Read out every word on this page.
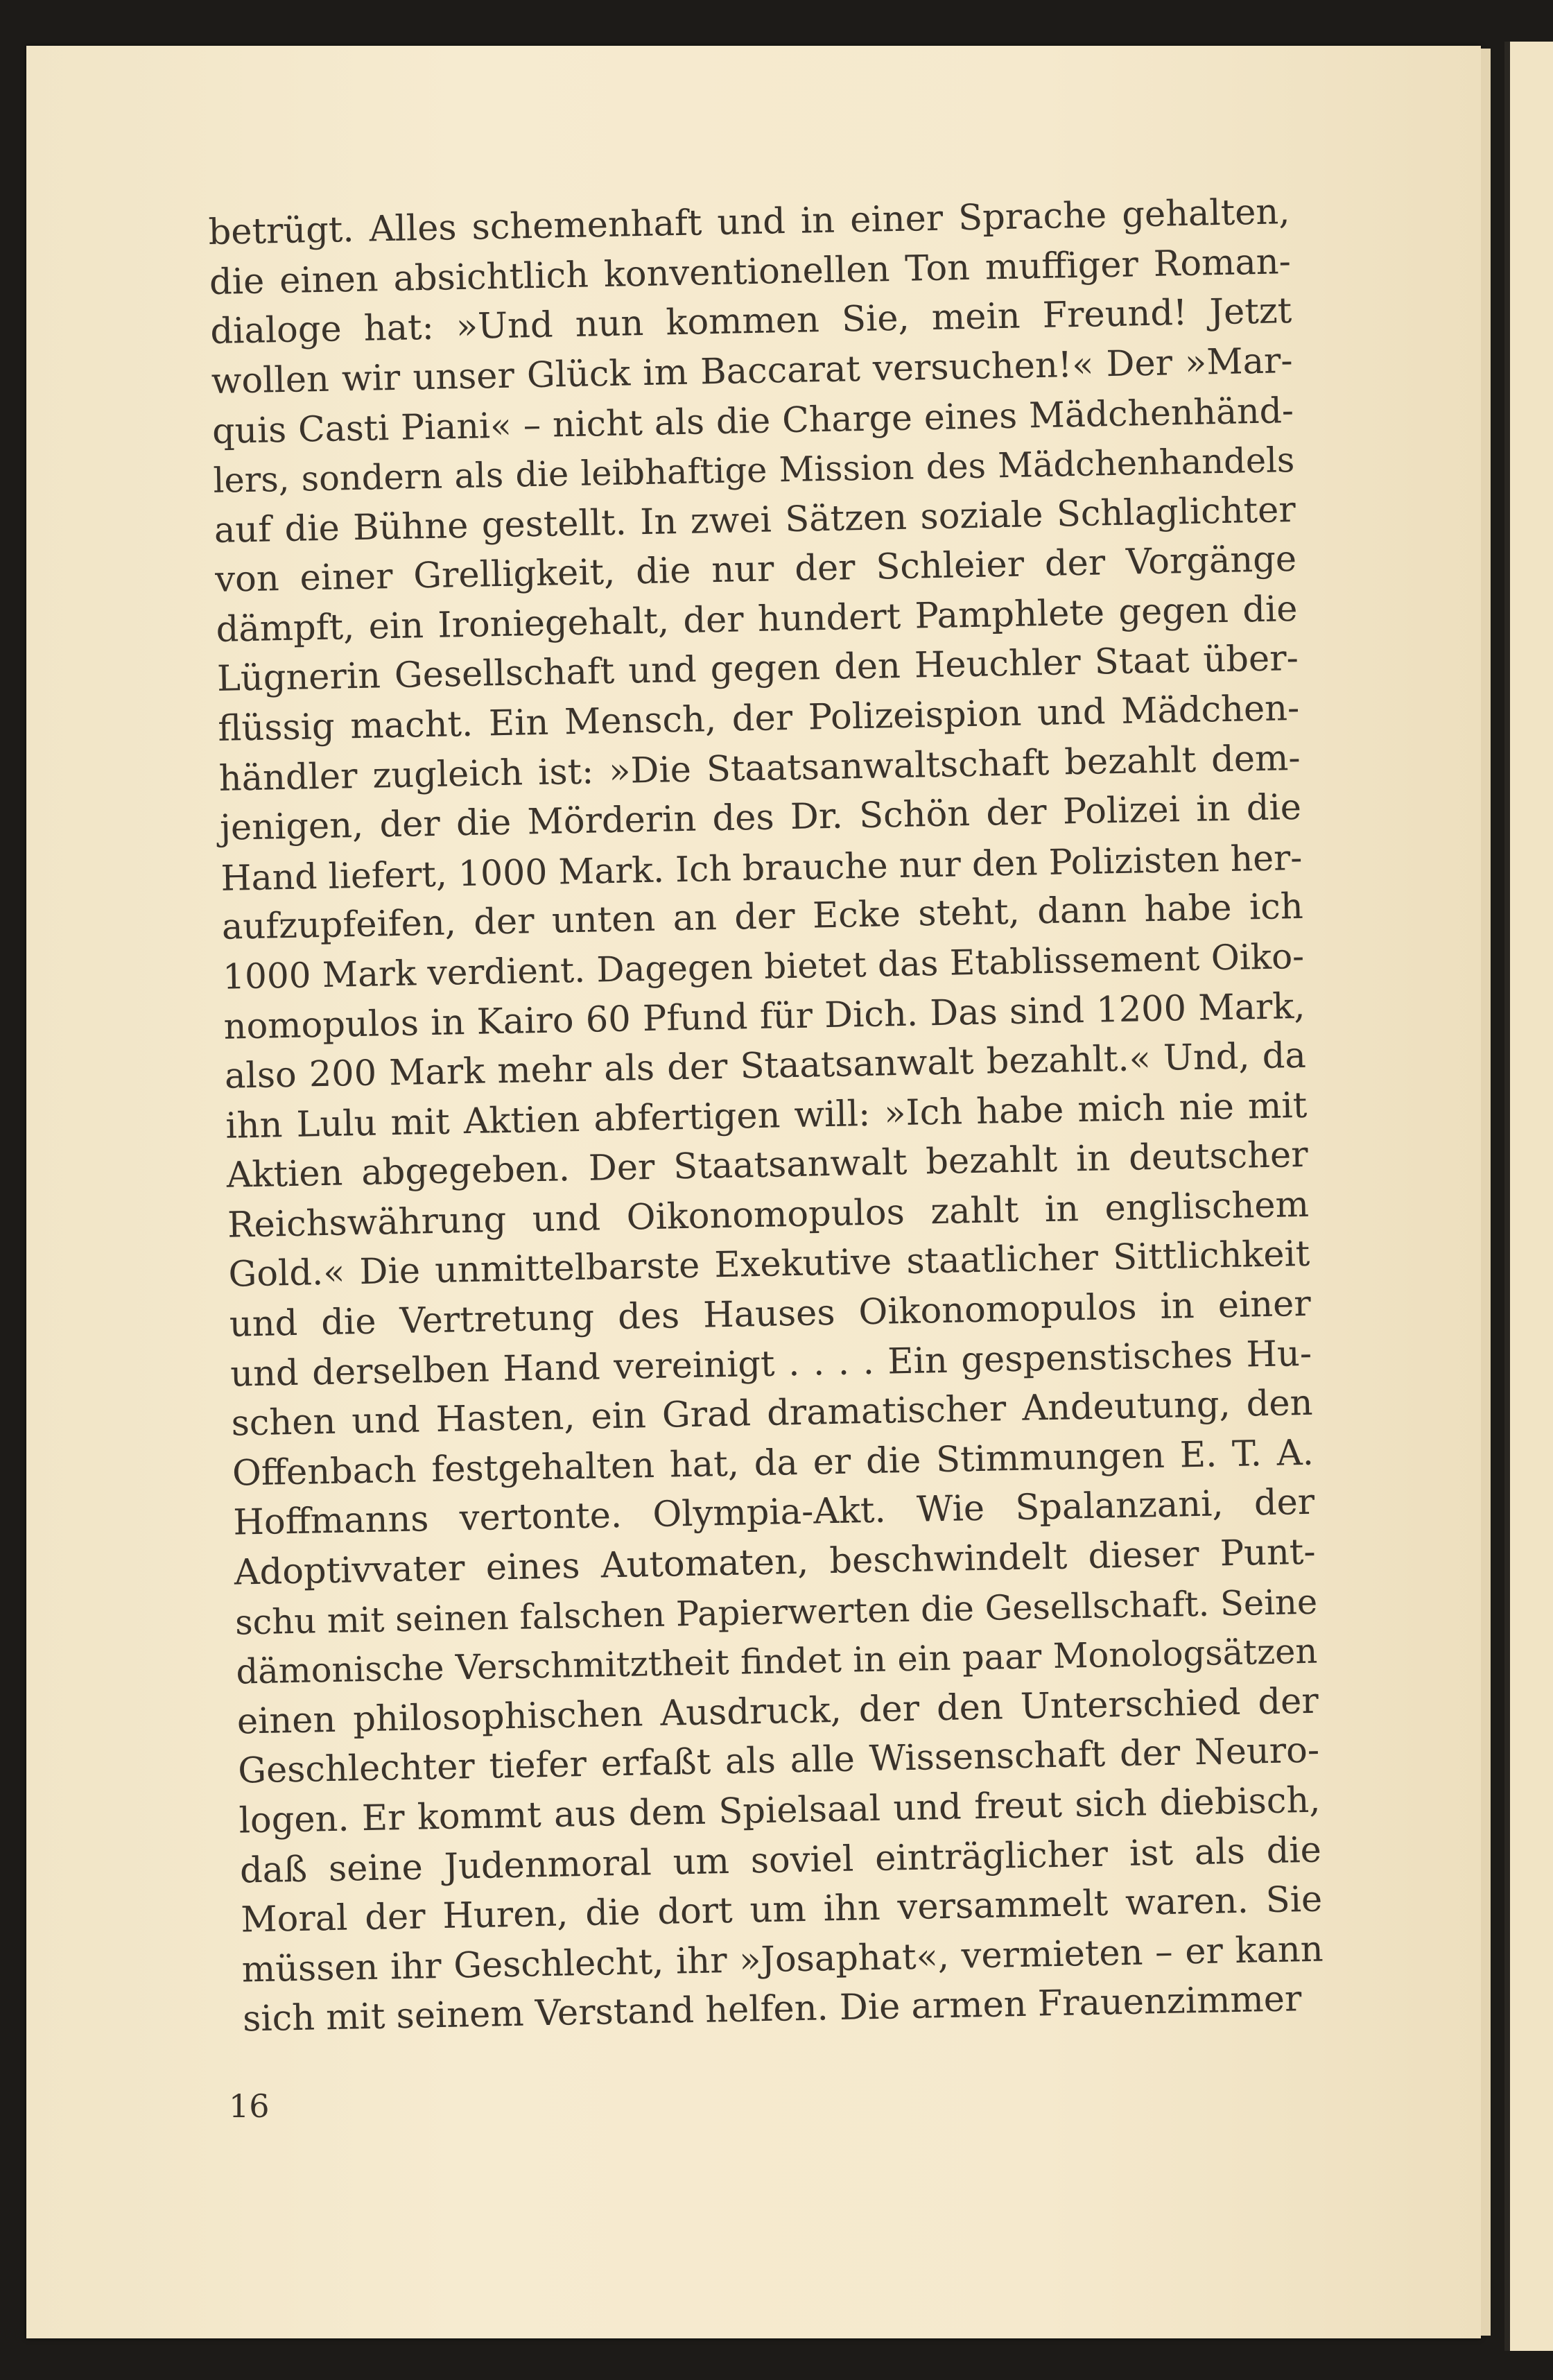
betrügt. Alles schemenhaft und in einer Sprache gehalten,
die einen absichtlich konventionellen Ton muffiger Roman-
dialoge hat: »Und nun kommen Sie, mein Freund! Jetzt
wollen wir unser Glück im Baccarat versuchen!« Der »Mar-
quis Casti Piani« – nicht als die Charge eines Mädchenhänd-
lers, sondern als die leibhaftige Mission des Mädchenhandels
auf die Bühne gestellt. In zwei Sätzen soziale Schlaglichter
von einer Grelligkeit, die nur der Schleier der Vorgänge
dämpft, ein Ironiegehalt, der hundert Pamphlete gegen die
Lügnerin Gesellschaft und gegen den Heuchler Staat über-
flüssig macht. Ein Mensch, der Polizeispion und Mädchen-
händler zugleich ist: »Die Staatsanwaltschaft bezahlt dem-
jenigen, der die Mörderin des Dr. Schön der Polizei in die
Hand liefert, 1000 Mark. Ich brauche nur den Polizisten her-
aufzupfeifen, der unten an der Ecke steht, dann habe ich
1000 Mark verdient. Dagegen bietet das Etablissement Oiko-
nomopulos in Kairo 60 Pfund für Dich. Das sind 1200 Mark,
also 200 Mark mehr als der Staatsanwalt bezahlt.« Und, da
ihn Lulu mit Aktien abfertigen will: »Ich habe mich nie mit
Aktien abgegeben. Der Staatsanwalt bezahlt in deutscher
Reichswährung und Oikonomopulos zahlt in englischem
Gold.« Die unmittelbarste Exekutive staatlicher Sittlichkeit
und die Vertretung des Hauses Oikonomopulos in einer
und derselben Hand vereinigt . . . . Ein gespenstisches Hu-
schen und Hasten, ein Grad dramatischer Andeutung, den
Offenbach festgehalten hat, da er die Stimmungen E. T. A.
Hoffmanns vertonte. Olympia-Akt. Wie Spalanzani, der
Adoptivvater eines Automaten, beschwindelt dieser Punt-
schu mit seinen falschen Papierwerten die Gesellschaft. Seine
dämonische Verschmitztheit findet in ein paar Monologsätzen
einen philosophischen Ausdruck, der den Unterschied der
Geschlechter tiefer erfaßt als alle Wissenschaft der Neuro-
logen. Er kommt aus dem Spielsaal und freut sich diebisch,
daß seine Judenmoral um soviel einträglicher ist als die
Moral der Huren, die dort um ihn versammelt waren. Sie
müssen ihr Geschlecht, ihr »Josaphat«, vermieten – er kann
sich mit seinem Verstand helfen. Die armen Frauenzimmer
16
